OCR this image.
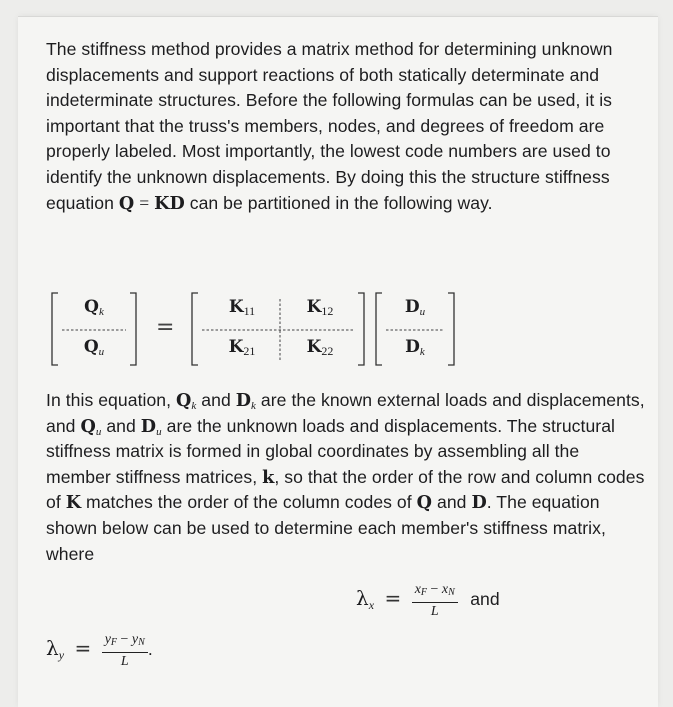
The stiffness method provides a matrix method for determining unknown displacements and support reactions of both statically determinate and indeterminate structures. Before the following formulas can be used, it is important that the truss's members, nodes, and degrees of freedom are properly labeled. Most importantly, the lowest code numbers are used to identify the unknown displacements. By doing this the structure stiffness equation Q = KD can be partitioned in the following way.

Qk
Qu
=
K11	K12
K21	K22
Du
Dk

In this equation, $Q_k$ and $D_k$ are the known external loads and displacements, and $Q_u$ and $D_u$ are the unknown loads and displacements. The structural stiffness matrix is formed in global coordinates by assembling all the member stiffness matrices, k, so that the order of the row and column codes of K matches the order of the column codes of Q and D. The equation shown below can be used to determine each member's stiffness matrix, where

$\lambda_x = \frac{x_F - x_N}{L}$ and
$\lambda_y = \frac{y_F - y_N}{L}$ .
